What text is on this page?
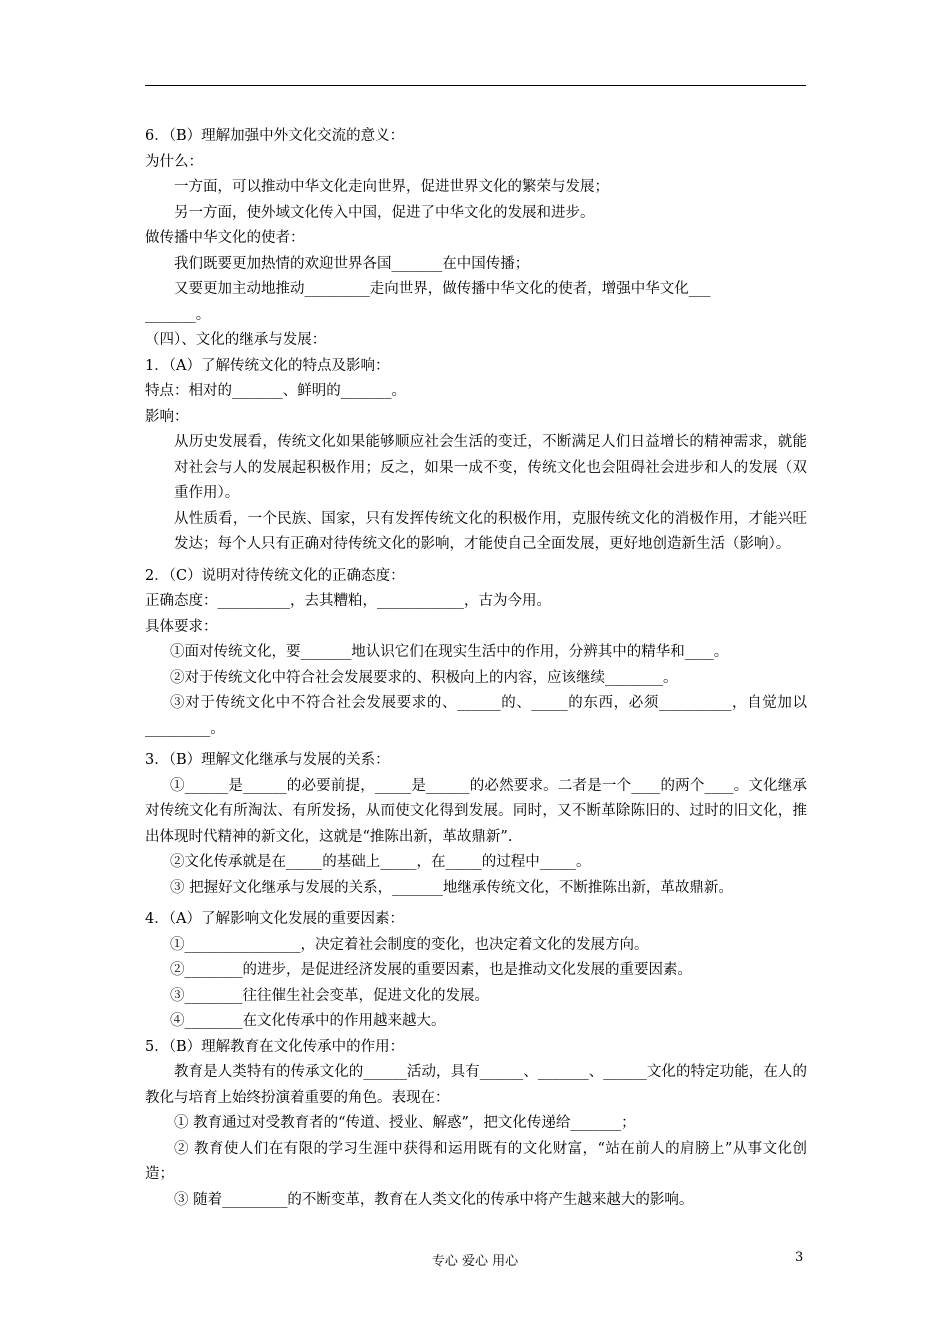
6．（B）理解加强中外文化交流的意义：
为什么：
一方面，可以推动中华文化走向世界，促进世界文化的繁荣与发展；
另一方面，使外域文化传入中国，促进了中华文化的发展和进步。
做传播中华文化的使者：
我们既要更加热情的欢迎世界各国_______在中国传播；
又要更加主动地推动_________走向世界，做传播中华文化的使者，增强中华文化___
_______。
（四）、文化的继承与发展：
1．（A）了解传统文化的特点及影响：
特点：相对的_______、鲜明的_______。
影响：
从历史发展看，传统文化如果能够顺应社会生活的变迁，不断满足人们日益增长的精神需求，就能对社会与人的发展起积极作用；反之，如果一成不变，传统文化也会阻碍社会进步和人的发展（双重作用）。
从性质看，一个民族、国家，只有发挥传统文化的积极作用，克服传统文化的消极作用，才能兴旺发达；每个人只有正确对待传统文化的影响，才能使自己全面发展，更好地创造新生活（影响）。
2．（C）说明对待传统文化的正确态度：
正确态度：__________，去其糟粕，____________，古为今用。
具体要求：
①面对传统文化，要_______地认识它们在现实生活中的作用，分辨其中的精华和____。
②对于传统文化中符合社会发展要求的、积极向上的内容，应该继续________。
③对于传统文化中不符合社会发展要求的、______的、_____的东西，必须__________，自觉加以_________。
3．（B）理解文化继承与发展的关系：
①______是______的必要前提，_____是______的必然要求。二者是一个____的两个____。文化继承对传统文化有所淘汰、有所发扬，从而使文化得到发展。同时，又不断革除陈旧的、过时的旧文化，推出体现时代精神的新文化，这就是“推陈出新，革故鼎新”.
②文化传承就是在_____的基础上_____，在_____的过程中_____。
③ 把握好文化继承与发展的关系，_______地继承传统文化，不断推陈出新，革故鼎新。
4．（A）了解影响文化发展的重要因素：
①________________，决定着社会制度的变化，也决定着文化的发展方向。
②________的进步，是促进经济发展的重要因素，也是推动文化发展的重要因素。
③________往往催生社会变革，促进文化的发展。
④________在文化传承中的作用越来越大。
5．（B）理解教育在文化传承中的作用：
教育是人类特有的传承文化的______活动，具有______、_______、______文化的特定功能，在人的教化与培育上始终扮演着重要的角色。表现在：
① 教育通过对受教育者的“传道、授业、解惑”，把文化传递给_______；
② 教育使人们在有限的学习生涯中获得和运用既有的文化财富，“站在前人的肩膀上”从事文化创造；
③ 随着_________的不断变革，教育在人类文化的传承中将产生越来越大的影响。
专心 爱心 用心	3
